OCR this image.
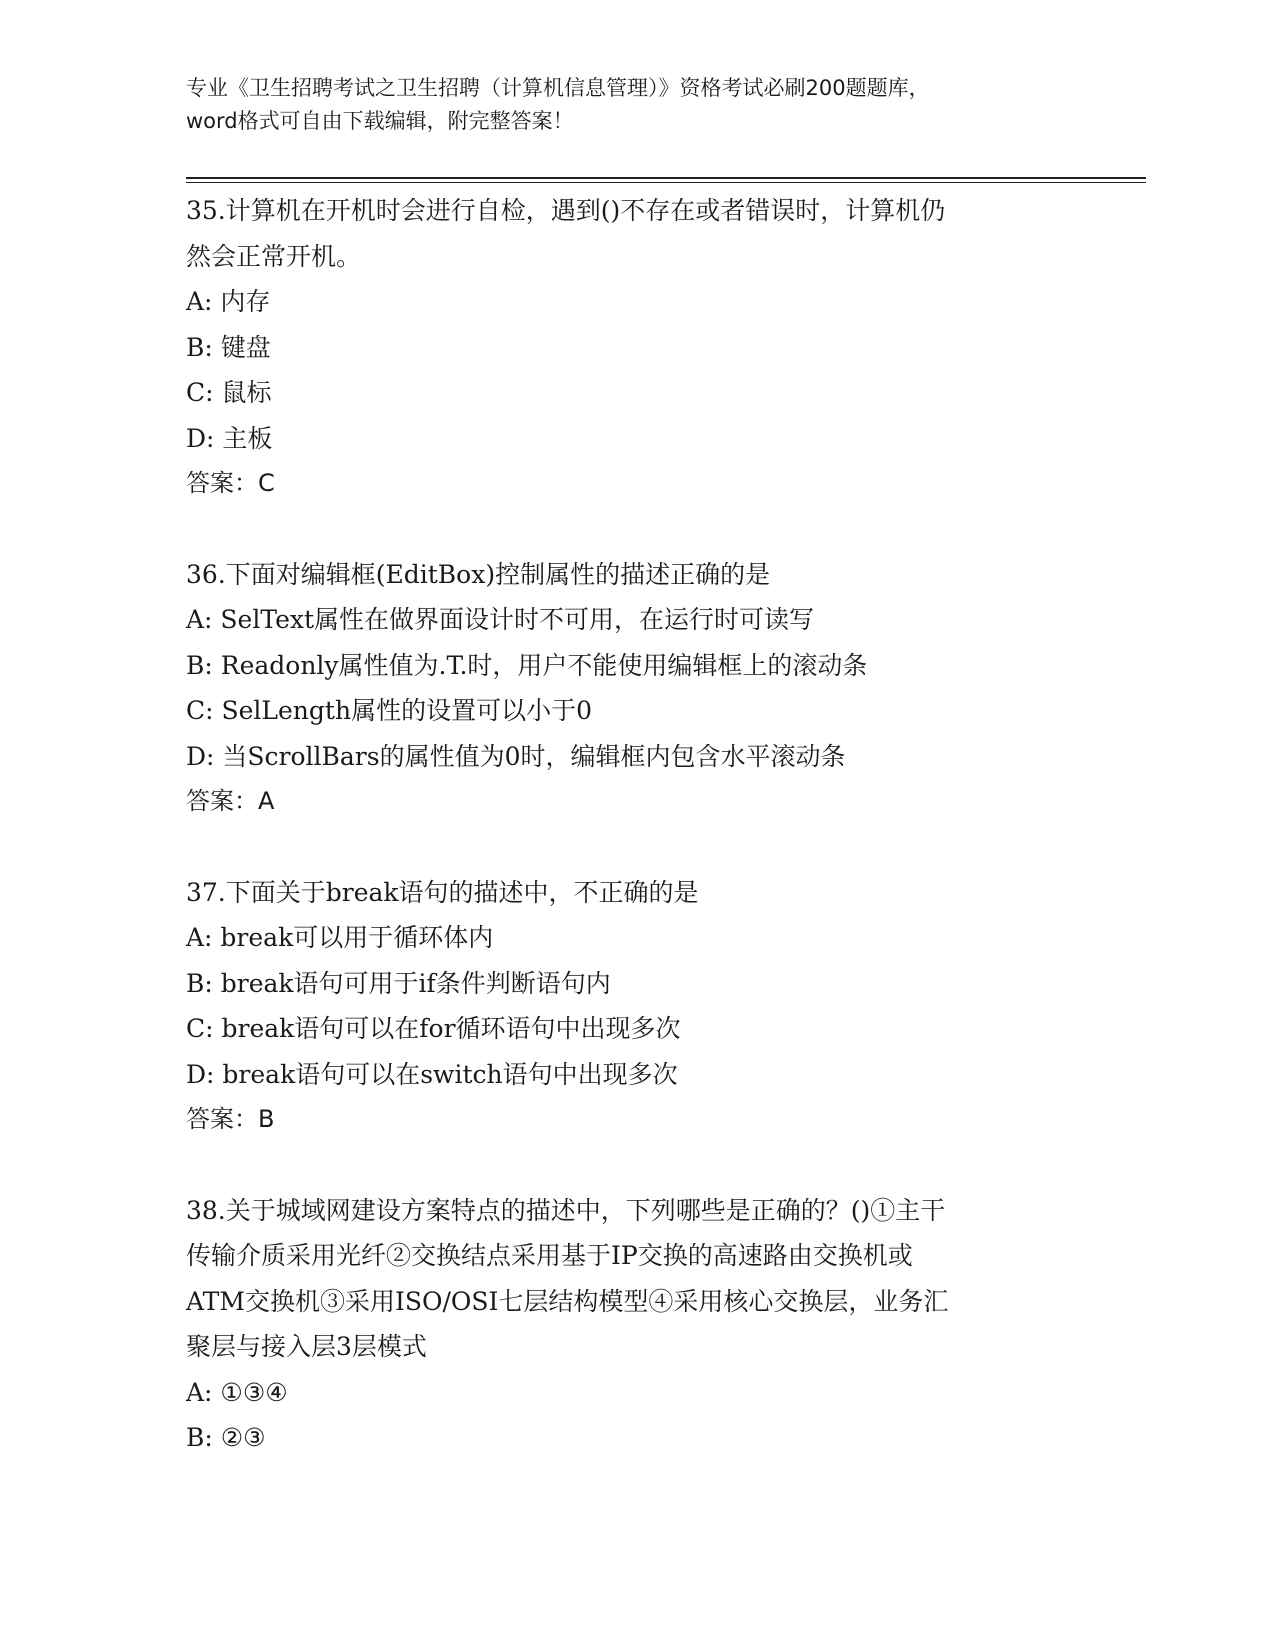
专业《卫生招聘考试之卫生招聘（计算机信息管理）》资格考试必刷200题题库，
word格式可自由下载编辑，附完整答案！
35.计算机在开机时会进行自检，遇到()不存在或者错误时，计算机仍
然会正常开机。
A: 内存
B: 键盘
C: 鼠标
D: 主板
答案：C
36.下面对编辑框(EditBox)控制属性的描述正确的是
A: SelText属性在做界面设计时不可用，在运行时可读写
B: Readonly属性值为.T.时，用户不能使用编辑框上的滚动条
C: SelLength属性的设置可以小于0
D: 当ScrollBars的属性值为0时，编辑框内包含水平滚动条
答案：A
37.下面关于break语句的描述中，不正确的是
A: break可以用于循环体内
B: break语句可用于if条件判断语句内
C: break语句可以在for循环语句中出现多次
D: break语句可以在switch语句中出现多次
答案：B
38.关于城域网建设方案特点的描述中，下列哪些是正确的？()①主干
传输介质采用光纤②交换结点采用基于IP交换的高速路由交换机或
ATM交换机③采用ISO/OSI七层结构模型④采用核心交换层，业务汇
聚层与接入层3层模式
A: ①③④
B: ②③
